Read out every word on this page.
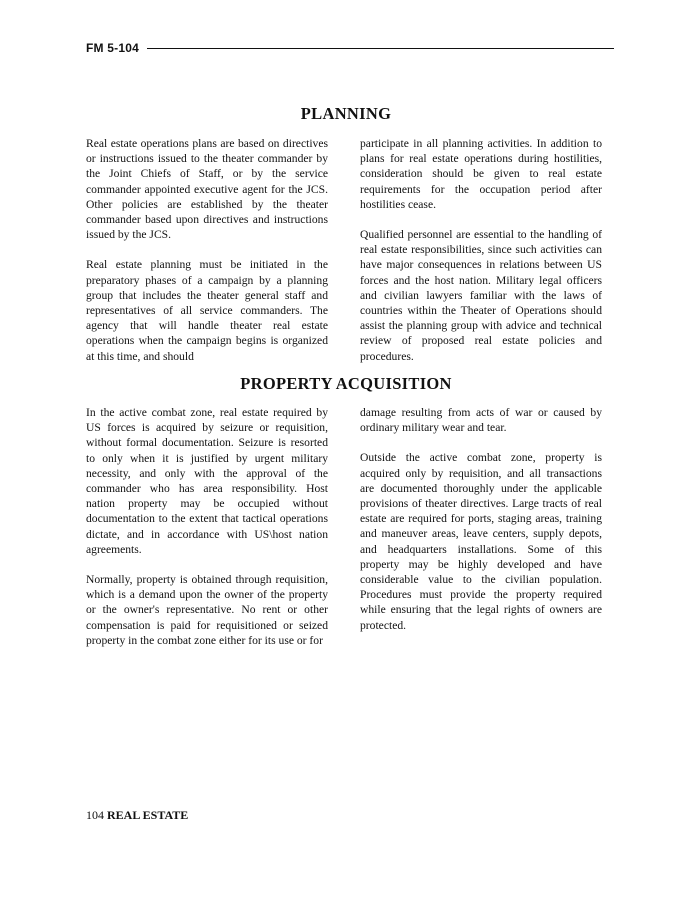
FM 5-104
PLANNING

Real estate operations plans are based on directives or instructions issued to the theater commander by the Joint Chiefs of Staff, or by the service commander appointed executive agent for the JCS. Other policies are established by the theater commander based upon directives and instructions issued by the JCS.

Real estate planning must be initiated in the preparatory phases of a campaign by a planning group that includes the theater general staff and representatives of all service commanders. The agency that will handle theater real estate operations when the campaign begins is organized at this time, and should

participate in all planning activities. In addition to plans for real estate operations during hostilities, consideration should be given to real estate requirements for the occupation period after hostilities cease.

Qualified personnel are essential to the handling of real estate responsibilities, since such activities can have major consequences in relations between US forces and the host nation. Military legal officers and civilian lawyers familiar with the laws of countries within the Theater of Operations should assist the planning group with advice and technical review of proposed real estate policies and procedures.

PROPERTY ACQUISITION

In the active combat zone, real estate required by US forces is acquired by seizure or requisition, without formal documentation. Seizure is resorted to only when it is justified by urgent military necessity, and only with the approval of the commander who has area responsibility. Host nation property may be occupied without documentation to the extent that tactical operations dictate, and in accordance with US\host nation agreements.

Normally, property is obtained through requisition, which is a demand upon the owner of the property or the owner's representative. No rent or other compensation is paid for requisitioned or seized property in the combat zone either for its use or for

damage resulting from acts of war or caused by ordinary military wear and tear.

Outside the active combat zone, property is acquired only by requisition, and all transactions are documented thoroughly under the applicable provisions of theater directives. Large tracts of real estate are required for ports, staging areas, training and maneuver areas, leave centers, supply depots, and headquarters installations. Some of this property may be highly developed and have considerable value to the civilian population. Procedures must provide the property required while ensuring that the legal rights of owners are protected.

104 REAL ESTATE
